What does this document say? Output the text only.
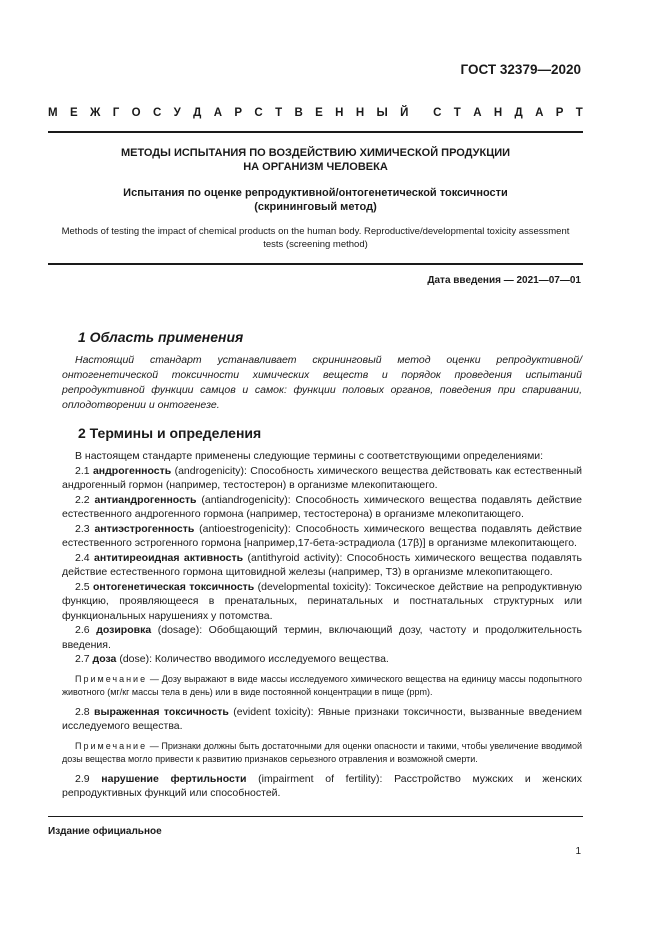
ГОСТ 32379—2020
М Е Ж Г О С У Д А Р С Т В Е Н Н Ы Й С Т А Н Д А Р Т
МЕТОДЫ ИСПЫТАНИЯ ПО ВОЗДЕЙСТВИЮ ХИМИЧЕСКОЙ ПРОДУКЦИИ
НА ОРГАНИЗМ ЧЕЛОВЕКА
Испытания по оценке репродуктивной/онтогенетической токсичности
(скрининговый метод)
Methods of testing the impact of chemical products on the human body. Reproductive/developmental toxicity assessment
tests (screening method)
Дата введения — 2021—07—01
1 Область применения

Настоящий стандарт устанавливает скрининговый метод оценки репродуктивной/онтогенетической токсичности химических веществ и порядок проведения испытаний репродуктивной функции самцов и самок: функции половых органов, поведения при спаривании, оплодотворении и онтогенезе.

2 Термины и определения

В настоящем стандарте применены следующие термины с соответствующими определениями:

2.1 андрогенность (androgenicity): Способность химического вещества действовать как естественный андрогенный гормон (например, тестостерон) в организме млекопитающего.

2.2 антиандрогенность (antiandrogenicity): Способность химического вещества подавлять действие естественного андрогенного гормона (например, тестостерона) в организме млекопитающего.

2.3 антиэстрогенность (antioestrogenicity): Способность химического вещества подавлять действие естественного эстрогенного гормона [например,17-бета-эстрадиола (17β)] в организме млекопитающего.

2.4 антитиреоидная активность (antithyroid activity): Способность химического вещества подавлять действие естественного гормона щитовидной железы (например, Т3) в организме млекопитающего.

2.5 онтогенетическая токсичность (developmental toxicity): Токсическое действие на репродуктивную функцию, проявляющееся в пренатальных, перинатальных и постнатальных структурных или функциональных нарушениях у потомства.

2.6 дозировка (dosage): Обобщающий термин, включающий дозу, частоту и продолжительность введения.

2.7 доза (dose): Количество вводимого исследуемого вещества.

Примечание — Дозу выражают в виде массы исследуемого химического вещества на единицу массы подопытного животного (мг/кг массы тела в день) или в виде постоянной концентрации в пище (ppm).

2.8 выраженная токсичность (evident toxicity): Явные признаки токсичности, вызванные введением исследуемого вещества.

Примечание — Признаки должны быть достаточными для оценки опасности и такими, чтобы увеличение вводимой дозы вещества могло привести к развитию признаков серьезного отравления и возможной смерти.

2.9 нарушение фертильности (impairment of fertility): Расстройство мужских и женских репродуктивных функций или способностей.

Издание официальное
1
